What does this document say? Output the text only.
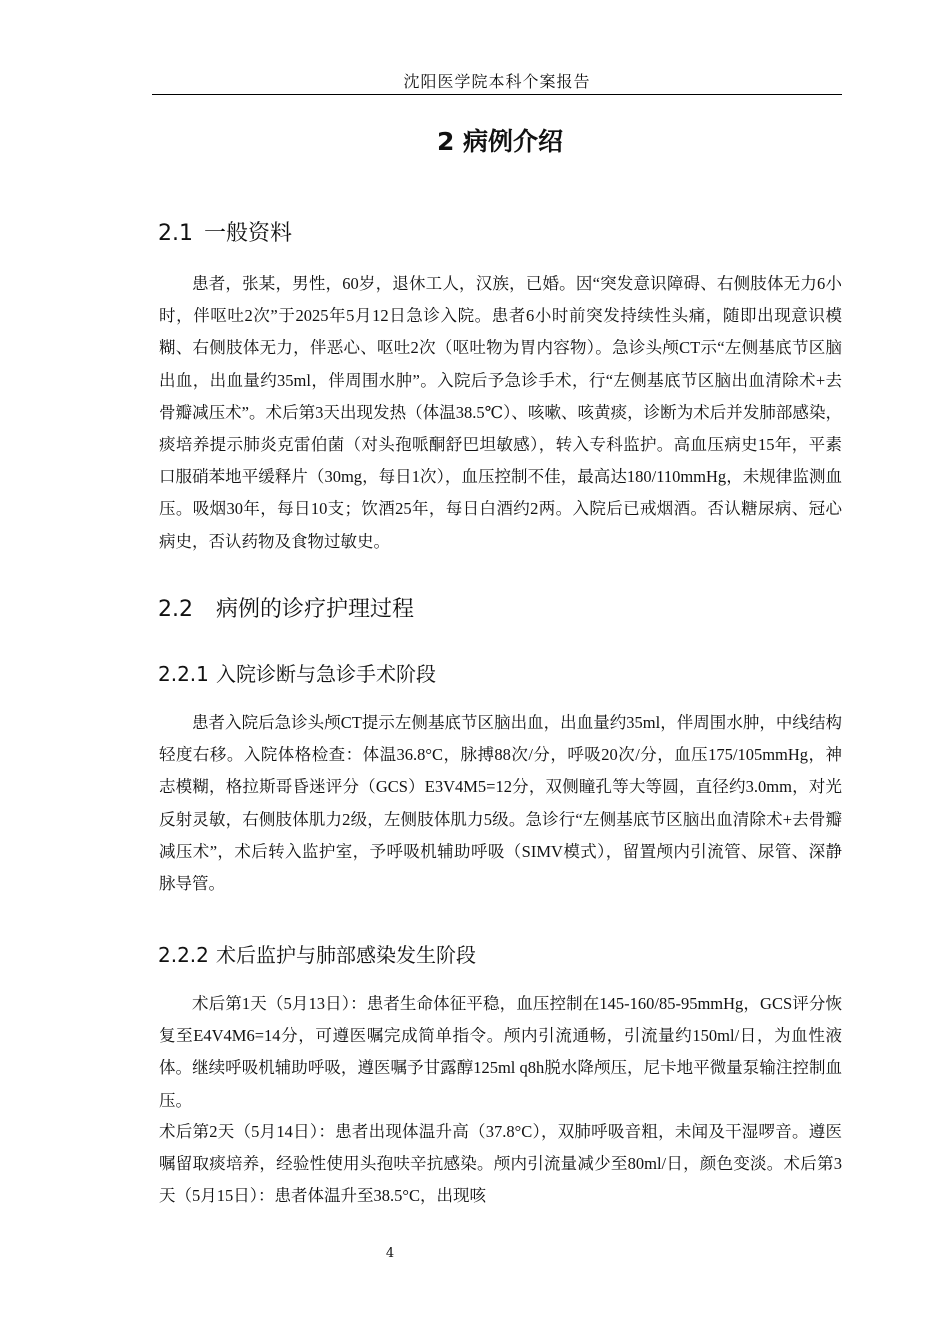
沈阳医学院本科个案报告
2 病例介绍
2.1 一般资料

患者，张某，男性，60岁，退休工人，汉族，已婚。因“突发意识障碍、右侧肢体无力6小时，伴呕吐2次”于2025年5月12日急诊入院。患者6小时前突发持续性头痛，随即出现意识模糊、右侧肢体无力，伴恶心、呕吐2次（呕吐物为胃内容物）。急诊头颅CT示“左侧基底节区脑出血，出血量约35ml，伴周围水肿”。入院后予急诊手术，行“左侧基底节区脑出血清除术+去骨瓣减压术”。术后第3天出现发热（体温38.5℃）、咳嗽、咳黄痰，诊断为术后并发肺部感染，痰培养提示肺炎克雷伯菌（对头孢哌酮舒巴坦敏感），转入专科监护。高血压病史15年，平素口服硝苯地平缓释片（30mg，每日1次），血压控制不佳，最高达180/110mmHg，未规律监测血压。吸烟30年，每日10支；饮酒25年，每日白酒约2两。入院后已戒烟酒。否认糖尿病、冠心病史，否认药物及食物过敏史。

2.2 病例的诊疗护理过程
2.2.1 入院诊断与急诊手术阶段

患者入院后急诊头颅CT提示左侧基底节区脑出血，出血量约35ml，伴周围水肿，中线结构轻度右移。入院体格检查：体温36.8°C，脉搏88次/分，呼吸20次/分，血压175/105mmHg，神志模糊，格拉斯哥昏迷评分（GCS）E3V4M5=12分，双侧瞳孔等大等圆，直径约3.0mm，对光反射灵敏，右侧肢体肌力2级，左侧肢体肌力5级。急诊行“左侧基底节区脑出血清除术+去骨瓣减压术”，术后转入监护室，予呼吸机辅助呼吸（SIMV模式），留置颅内引流管、尿管、深静脉导管。

2.2.2 术后监护与肺部感染发生阶段

术后第1天（5月13日）：患者生命体征平稳，血压控制在145-160/85-95mmHg，GCS评分恢复至E4V4M6=14分，可遵医嘱完成简单指令。颅内引流通畅，引流量约150ml/日，为血性液体。继续呼吸机辅助呼吸，遵医嘱予甘露醇125ml q8h脱水降颅压，尼卡地平微量泵输注控制血压。

术后第2天（5月14日）：患者出现体温升高（37.8°C），双肺呼吸音粗，未闻及干湿啰音。遵医嘱留取痰培养，经验性使用头孢呋辛抗感染。颅内引流量减少至80ml/日，颜色变淡。术后第3天（5月15日）：患者体温升至38.5°C，出现咳

4
